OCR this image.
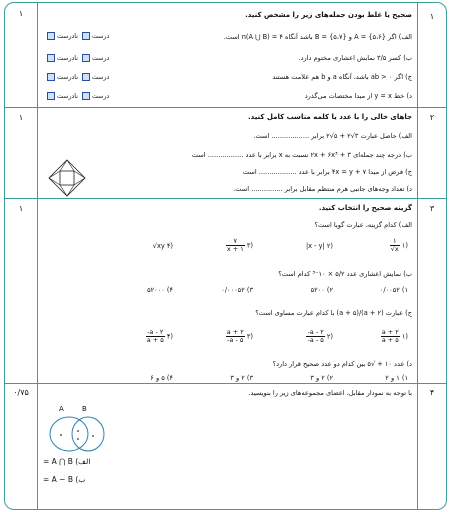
۱
۱
۱
۰/۷۵
۱
۲
۳
۴
صحیح یا غلط بودن جمله‌های زیر را مشخص کنید.
الف) اگر {۵،۶} = A و {۵،۷} = B باشد آنگاه ۴ = n(A ⋃ B) است.
ب) کسر ۳/۵ نمایش اعشاری مختوم دارد.
ج) اگر ab > ۰ باشد، آنگاه a و b هم علامت هستند
د) خط y = x از مبدا مختصات می‌گذرد
درست نادرست
درست نادرست
درست نادرست
درست نادرست
جاهای خالی را با عدد یا کلمه مناسب کامل کنید.
الف) حاصل عبارت ۳√۲ + ۵√۲ برابر .................. است.
ب) درجه چند جمله‌ای ۲x + ۶x³ + ۳ نسبت به x برابر با عدد ................. است
ج) فرض از مبدا ۷ + ۴x = y برابر با عدد .................. است
د) تعداد وجه‌های جانبی هرم منتظم مقابل برابر ............... است.
گزینه صحیح را انتخاب کنید.
الف) کدام گزینه، عبارت گویا است؟
$\frac{۱}{√x}$ ۱)
|x - y| ۲)
$\frac{۷}{x + ۱}$ ۳)
√xy ۴)
ب) نمایش اعشاری عدد ۵/۲ × ۱۰⁻³ کدام است؟
۱) ۰/۰۰۵۲
۲) ۵۲۰۰
۳) ۰/۰۰۰۵۲
۴) ۵۲۰۰۰
ج) عبارت (a + ۲)/(a + ۵) با کدام عبارت مساوی است؟
$\frac{a + ۲}{a + ۵}$ ۱)
$\frac{-a - ۲}{-a - ۵}$ ۲)
$\frac{a + ۲}{-a - ۵}$ ۳)
$\frac{-a - ۲}{a + ۵}$ ۴)
د) عدد ۱۰ + √۵ بین کدام دو عدد صحیح قرار دارد؟
۱) ۱ و ۲
۲) ۲ و ۳
۳) ۲ و ۳
۴) ۵ و ۶
با توجه به نمودار مقابل، اعضای مجموعه‌های زیر را بنویسید.
A	B
الف) A ⋂ B =
ب) A − B =
